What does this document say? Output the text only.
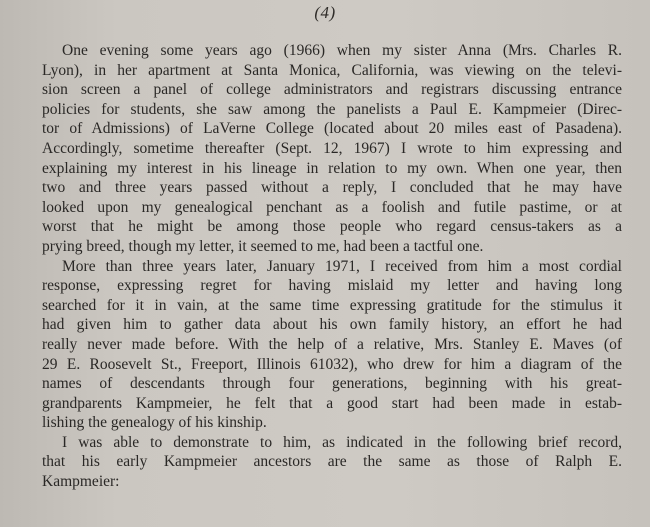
(4)
One evening some years ago (1966) when my sister Anna (Mrs. Charles R.
Lyon), in her apartment at Santa Monica, California, was viewing on the televi-
sion screen a panel of college administrators and registrars discussing entrance
policies for students, she saw among the panelists a Paul E. Kampmeier (Direc-
tor of Admissions) of LaVerne College (located about 20 miles east of Pasadena).
Accordingly, sometime thereafter (Sept. 12, 1967) I wrote to him expressing and
explaining my interest in his lineage in relation to my own. When one year, then
two and three years passed without a reply, I concluded that he may have
looked upon my genealogical penchant as a foolish and futile pastime, or at
worst that he might be among those people who regard census-takers as a
prying breed, though my letter, it seemed to me, had been a tactful one.
More than three years later, January 1971, I received from him a most cordial
response, expressing regret for having mislaid my letter and having long
searched for it in vain, at the same time expressing gratitude for the stimulus it
had given him to gather data about his own family history, an effort he had
really never made before. With the help of a relative, Mrs. Stanley E. Maves (of
29 E. Roosevelt St., Freeport, Illinois 61032), who drew for him a diagram of the
names of descendants through four generations, beginning with his great-
grandparents Kampmeier, he felt that a good start had been made in estab-
lishing the genealogy of his kinship.
I was able to demonstrate to him, as indicated in the following brief record,
that his early Kampmeier ancestors are the same as those of Ralph E.
Kampmeier:
